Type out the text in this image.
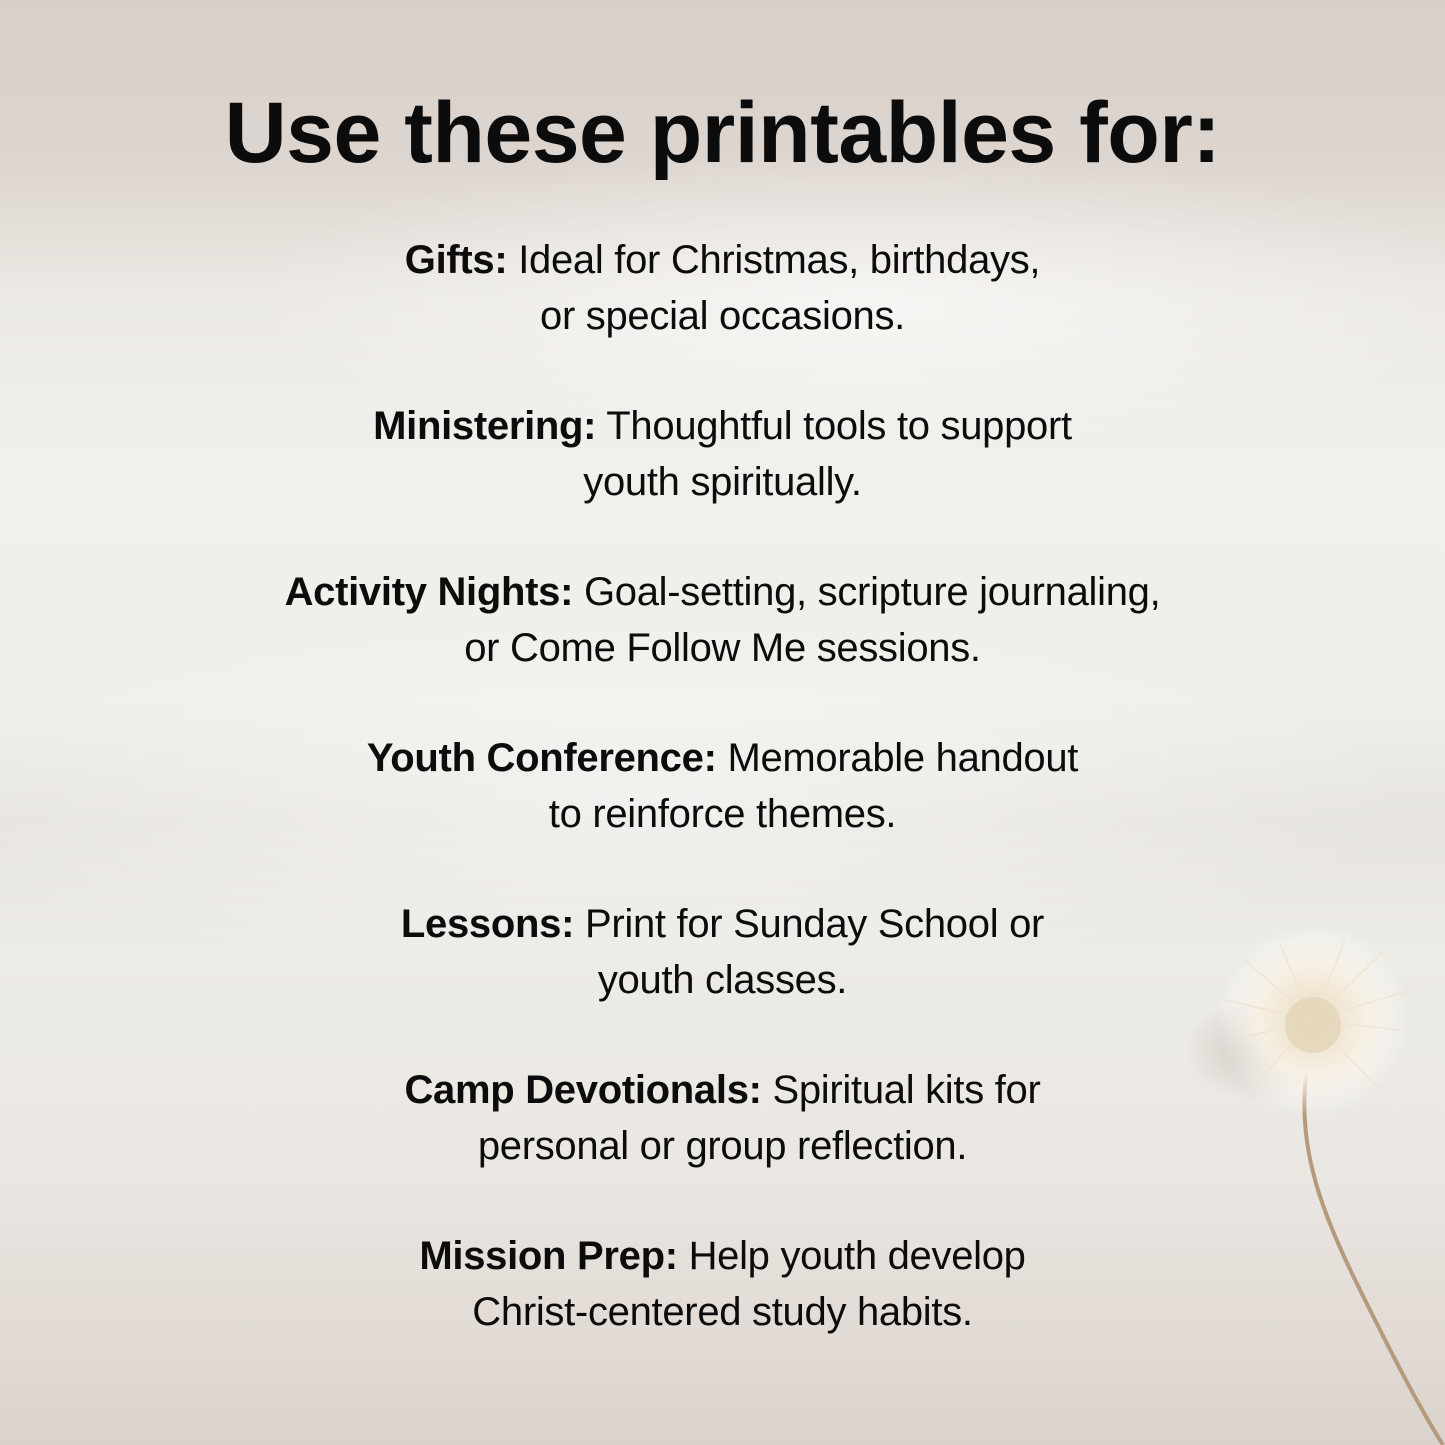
Use these printables for:
Gifts: Ideal for Christmas, birthdays,
or special occasions.
Ministering: Thoughtful tools to support
youth spiritually.
Activity Nights: Goal-setting, scripture journaling,
or Come Follow Me sessions.
Youth Conference: Memorable handout
to reinforce themes.
Lessons: Print for Sunday School or
youth classes.
Camp Devotionals: Spiritual kits for
personal or group reflection.
Mission Prep: Help youth develop
Christ-centered study habits.
